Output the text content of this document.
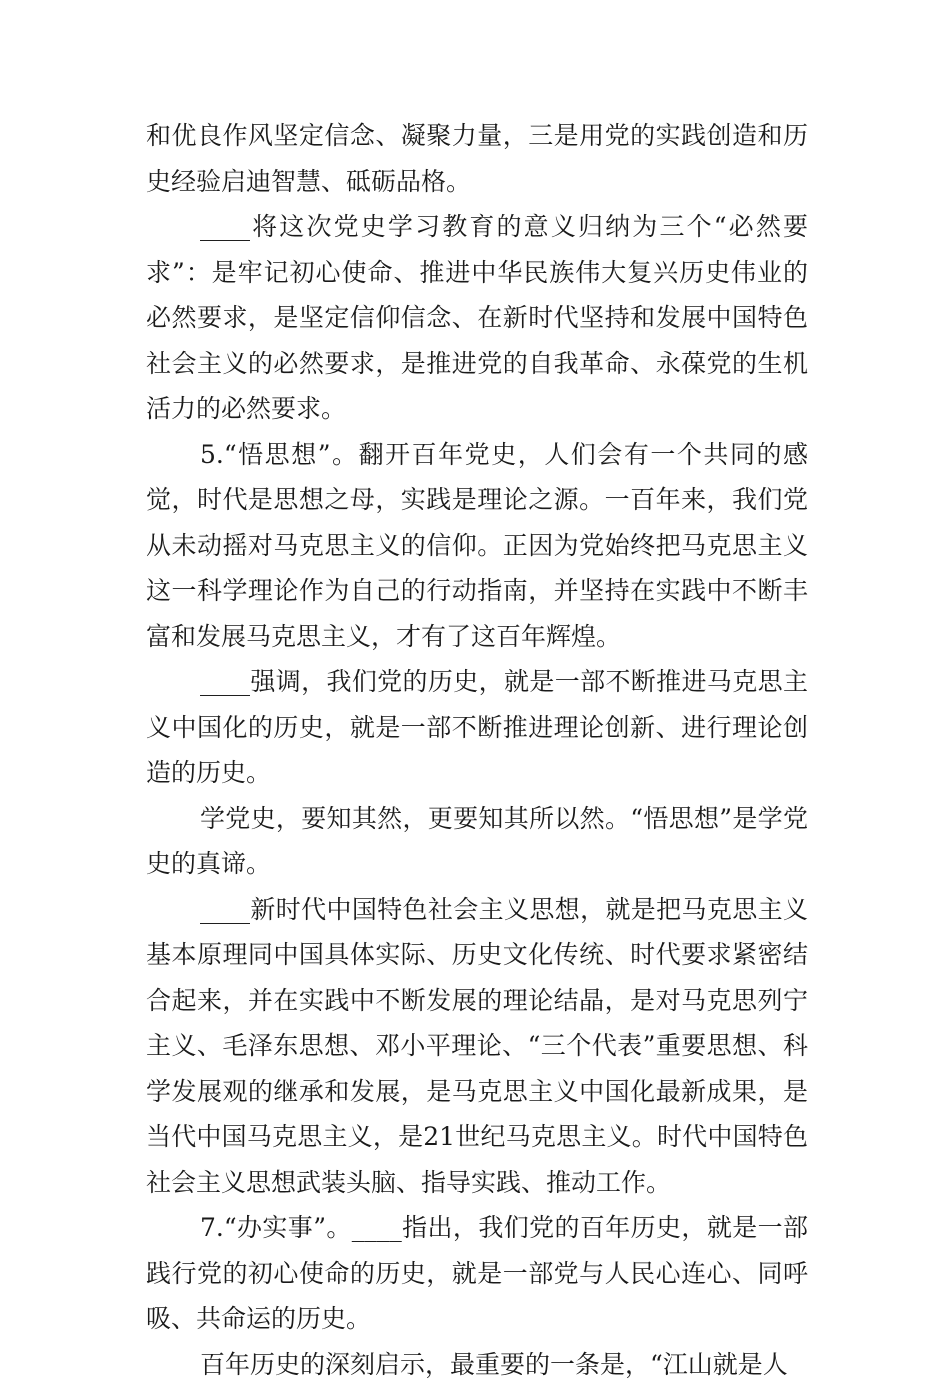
和优良作风坚定信念、凝聚力量，三是用党的实践创造和历史经验启迪智慧、砥砺品格。

____将这次党史学习教育的意义归纳为三个“必然要求”：是牢记初心使命、推进中华民族伟大复兴历史伟业的必然要求，是坚定信仰信念、在新时代坚持和发展中国特色社会主义的必然要求，是推进党的自我革命、永葆党的生机活力的必然要求。

5.“悟思想”。翻开百年党史，人们会有一个共同的感觉，时代是思想之母，实践是理论之源。一百年来，我们党从未动摇对马克思主义的信仰。正因为党始终把马克思主义这一科学理论作为自己的行动指南，并坚持在实践中不断丰富和发展马克思主义，才有了这百年辉煌。

____强调，我们党的历史，就是一部不断推进马克思主义中国化的历史，就是一部不断推进理论创新、进行理论创造的历史。

学党史，要知其然，更要知其所以然。“悟思想”是学党史的真谛。

____新时代中国特色社会主义思想，就是把马克思主义基本原理同中国具体实际、历史文化传统、时代要求紧密结合起来，并在实践中不断发展的理论结晶，是对马克思列宁主义、毛泽东思想、邓小平理论、“三个代表”重要思想、科学发展观的继承和发展，是马克思主义中国化最新成果，是当代中国马克思主义，是21世纪马克思主义。时代中国特色社会主义思想武装头脑、指导实践、推动工作。

7.“办实事”。____指出，我们党的百年历史，就是一部践行党的初心使命的历史，就是一部党与人民心连心、同呼吸、共命运的历史。

百年历史的深刻启示，最重要的一条是，“江山就是人
